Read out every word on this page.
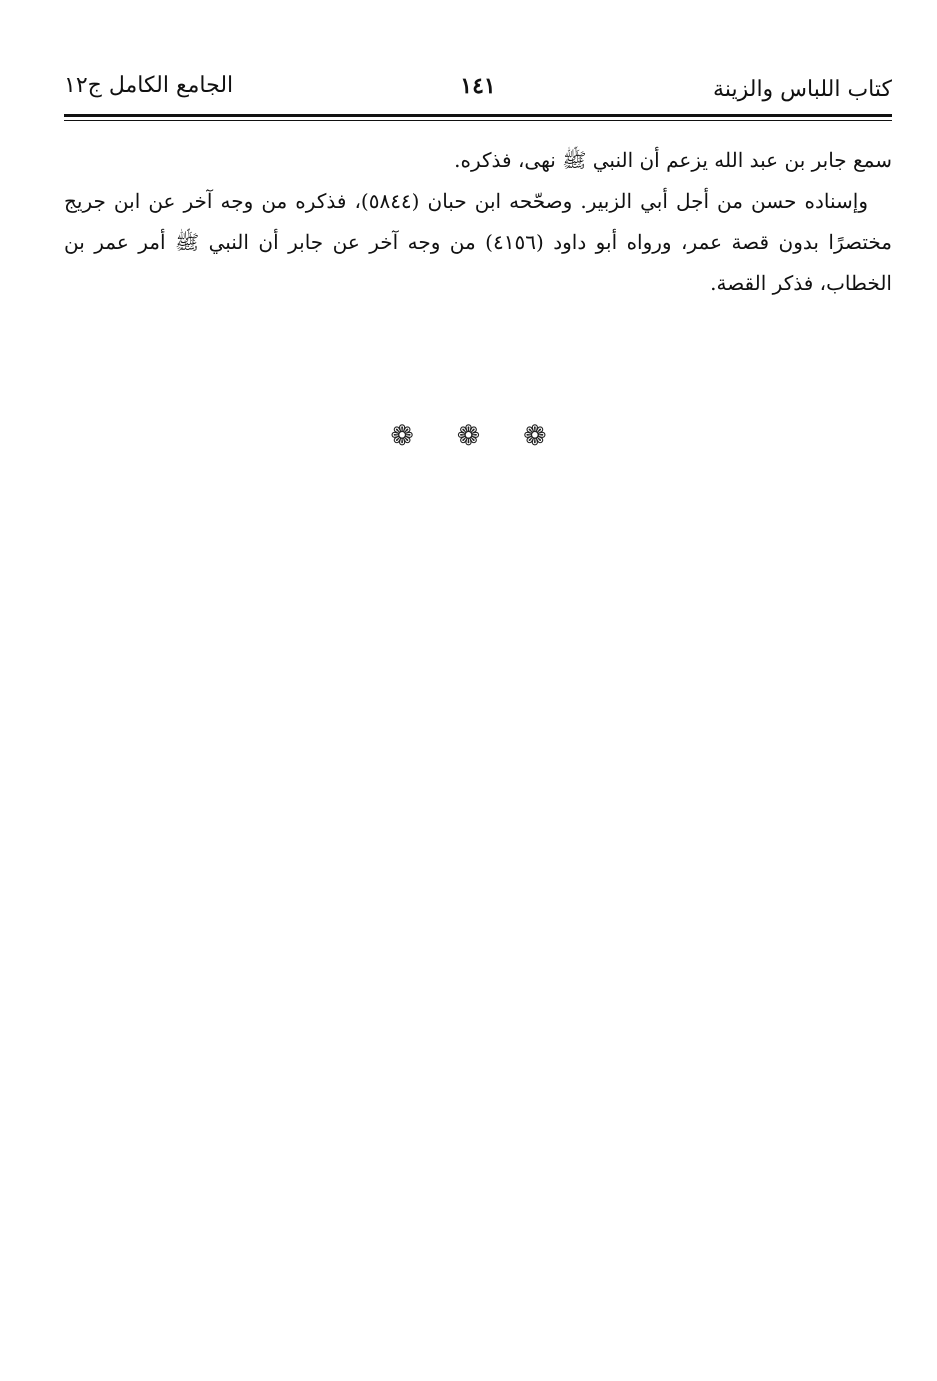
كتاب اللباس والزينة
١٤١
الجامع الكامل ج١٢

سمع جابر بن عبد الله يزعم أن النبي ﷺ نهى، فذكره.

وإسناده حسن من أجل أبي الزبير. وصحّحه ابن حبان (٥٨٤٤)، فذكره من وجه آخر عن ابن جريج مختصرًا بدون قصة عمر، ورواه أبو داود (٤١٥٦) من وجه آخر عن جابر أن النبي ﷺ أمر عمر بن الخطاب، فذكر القصة.

❁ ❁ ❁
